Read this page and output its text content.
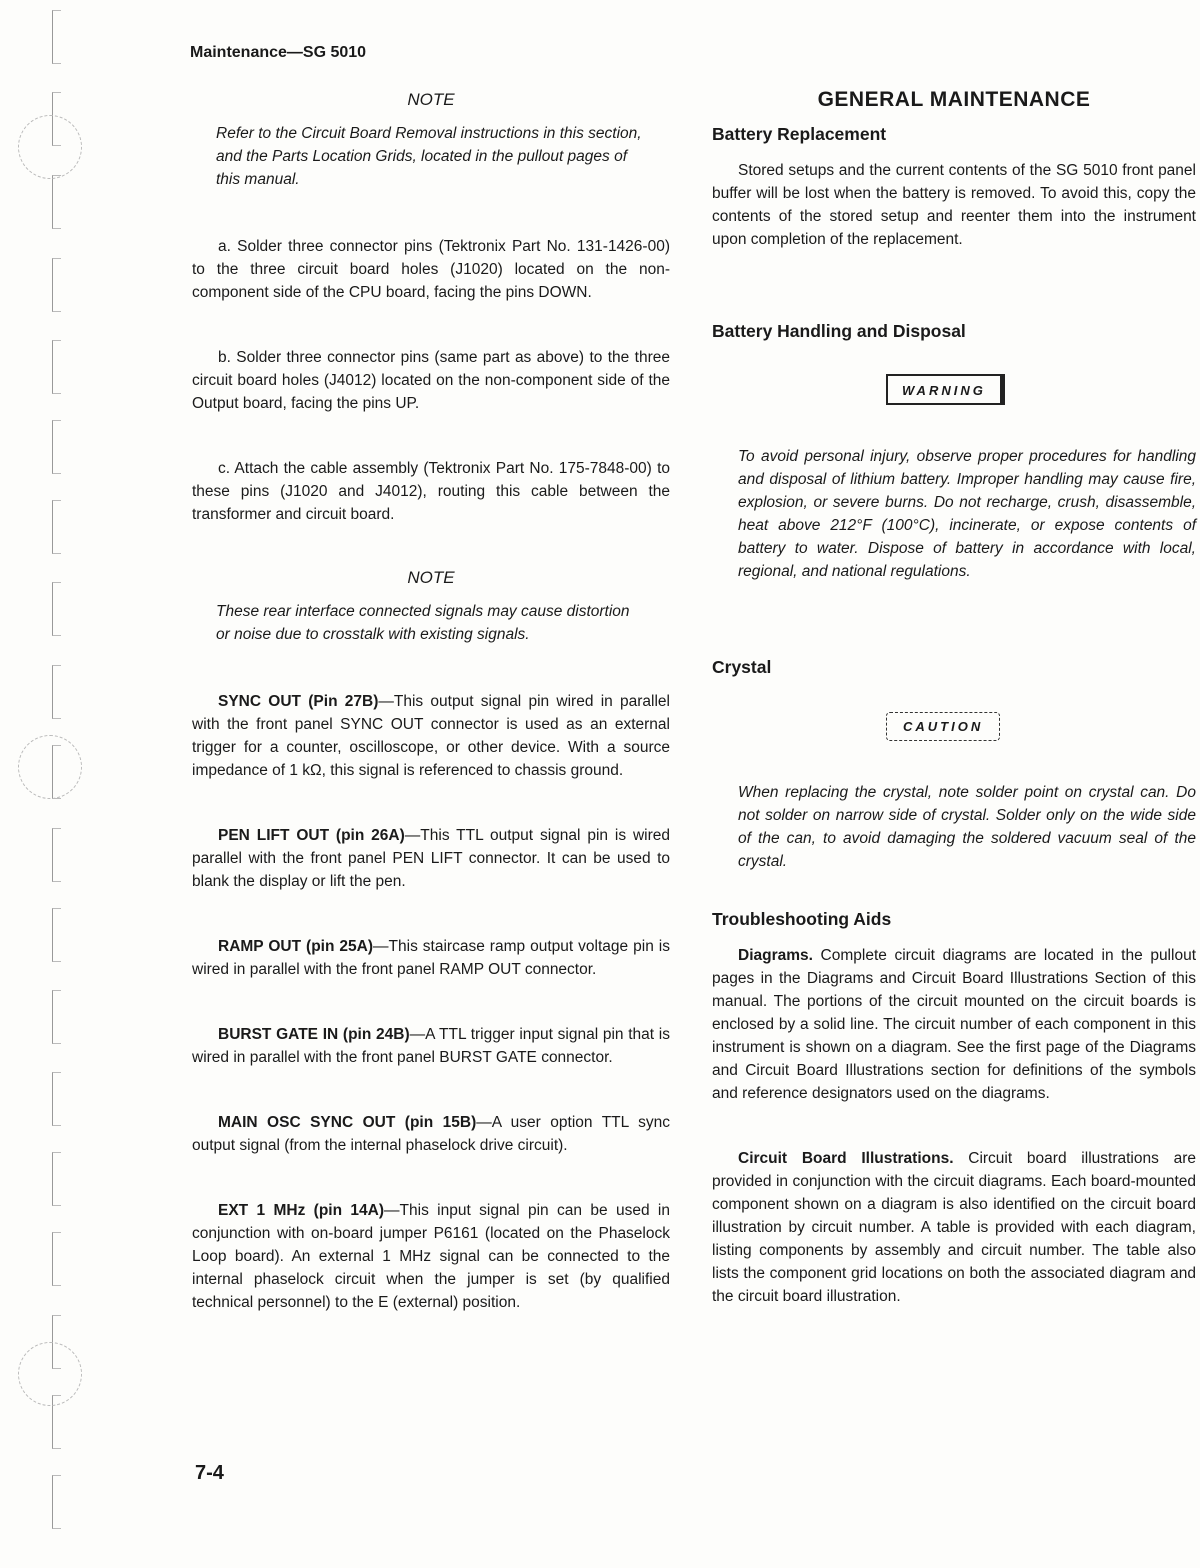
Maintenance—SG 5010

NOTE

Refer to the Circuit Board Removal instructions in this section, and the Parts Location Grids, located in the pullout pages of this manual.

a. Solder three connector pins (Tektronix Part No. 131-1426-00) to the three circuit board holes (J1020) located on the non-component side of the CPU board, facing the pins DOWN.

b. Solder three connector pins (same part as above) to the three circuit board holes (J4012) located on the non-component side of the Output board, facing the pins UP.

c. Attach the cable assembly (Tektronix Part No. 175-7848-00) to these pins (J1020 and J4012), routing this cable between the transformer and circuit board.

NOTE

These rear interface connected signals may cause distortion or noise due to crosstalk with existing signals.

SYNC OUT (Pin 27B)—This output signal pin wired in parallel with the front panel SYNC OUT connector is used as an external trigger for a counter, oscilloscope, or other device. With a source impedance of 1 kΩ, this signal is referenced to chassis ground.

PEN LIFT OUT (pin 26A)—This TTL output signal pin is wired parallel with the front panel PEN LIFT connector. It can be used to blank the display or lift the pen.

RAMP OUT (pin 25A)—This staircase ramp output voltage pin is wired in parallel with the front panel RAMP OUT connector.

BURST GATE IN (pin 24B)—A TTL trigger input signal pin that is wired in parallel with the front panel BURST GATE connector.

MAIN OSC SYNC OUT (pin 15B)—A user option TTL sync output signal (from the internal phaselock drive circuit).

EXT 1 MHz (pin 14A)—This input signal pin can be used in conjunction with on-board jumper P6161 (located on the Phaselock Loop board). An external 1 MHz signal can be connected to the internal phaselock circuit when the jumper is set (by qualified technical personnel) to the E (external) position.

GENERAL MAINTENANCE

Battery Replacement

Stored setups and the current contents of the SG 5010 front panel buffer will be lost when the battery is removed. To avoid this, copy the contents of the stored setup and reenter them into the instrument upon completion of the replacement.

Battery Handling and Disposal

WARNING

To avoid personal injury, observe proper procedures for handling and disposal of lithium battery. Improper handling may cause fire, explosion, or severe burns. Do not recharge, crush, disassemble, heat above 212°F (100°C), incinerate, or expose contents of battery to water. Dispose of battery in accordance with local, regional, and national regulations.

Crystal

CAUTION

When replacing the crystal, note solder point on crystal can. Do not solder on narrow side of crystal. Solder only on the wide side of the can, to avoid damaging the soldered vacuum seal of the crystal.

Troubleshooting Aids

Diagrams. Complete circuit diagrams are located in the pullout pages in the Diagrams and Circuit Board Illustrations Section of this manual. The portions of the circuit mounted on the circuit boards is enclosed by a solid line. The circuit number of each component in this instrument is shown on a diagram. See the first page of the Diagrams and Circuit Board Illustrations section for definitions of the symbols and reference designators used on the diagrams.

Circuit Board Illustrations. Circuit board illustrations are provided in conjunction with the circuit diagrams. Each board-mounted component shown on a diagram is also identified on the circuit board illustration by circuit number. A table is provided with each diagram, listing components by assembly and circuit number. The table also lists the component grid locations on both the associated diagram and the circuit board illustration.

7-4
